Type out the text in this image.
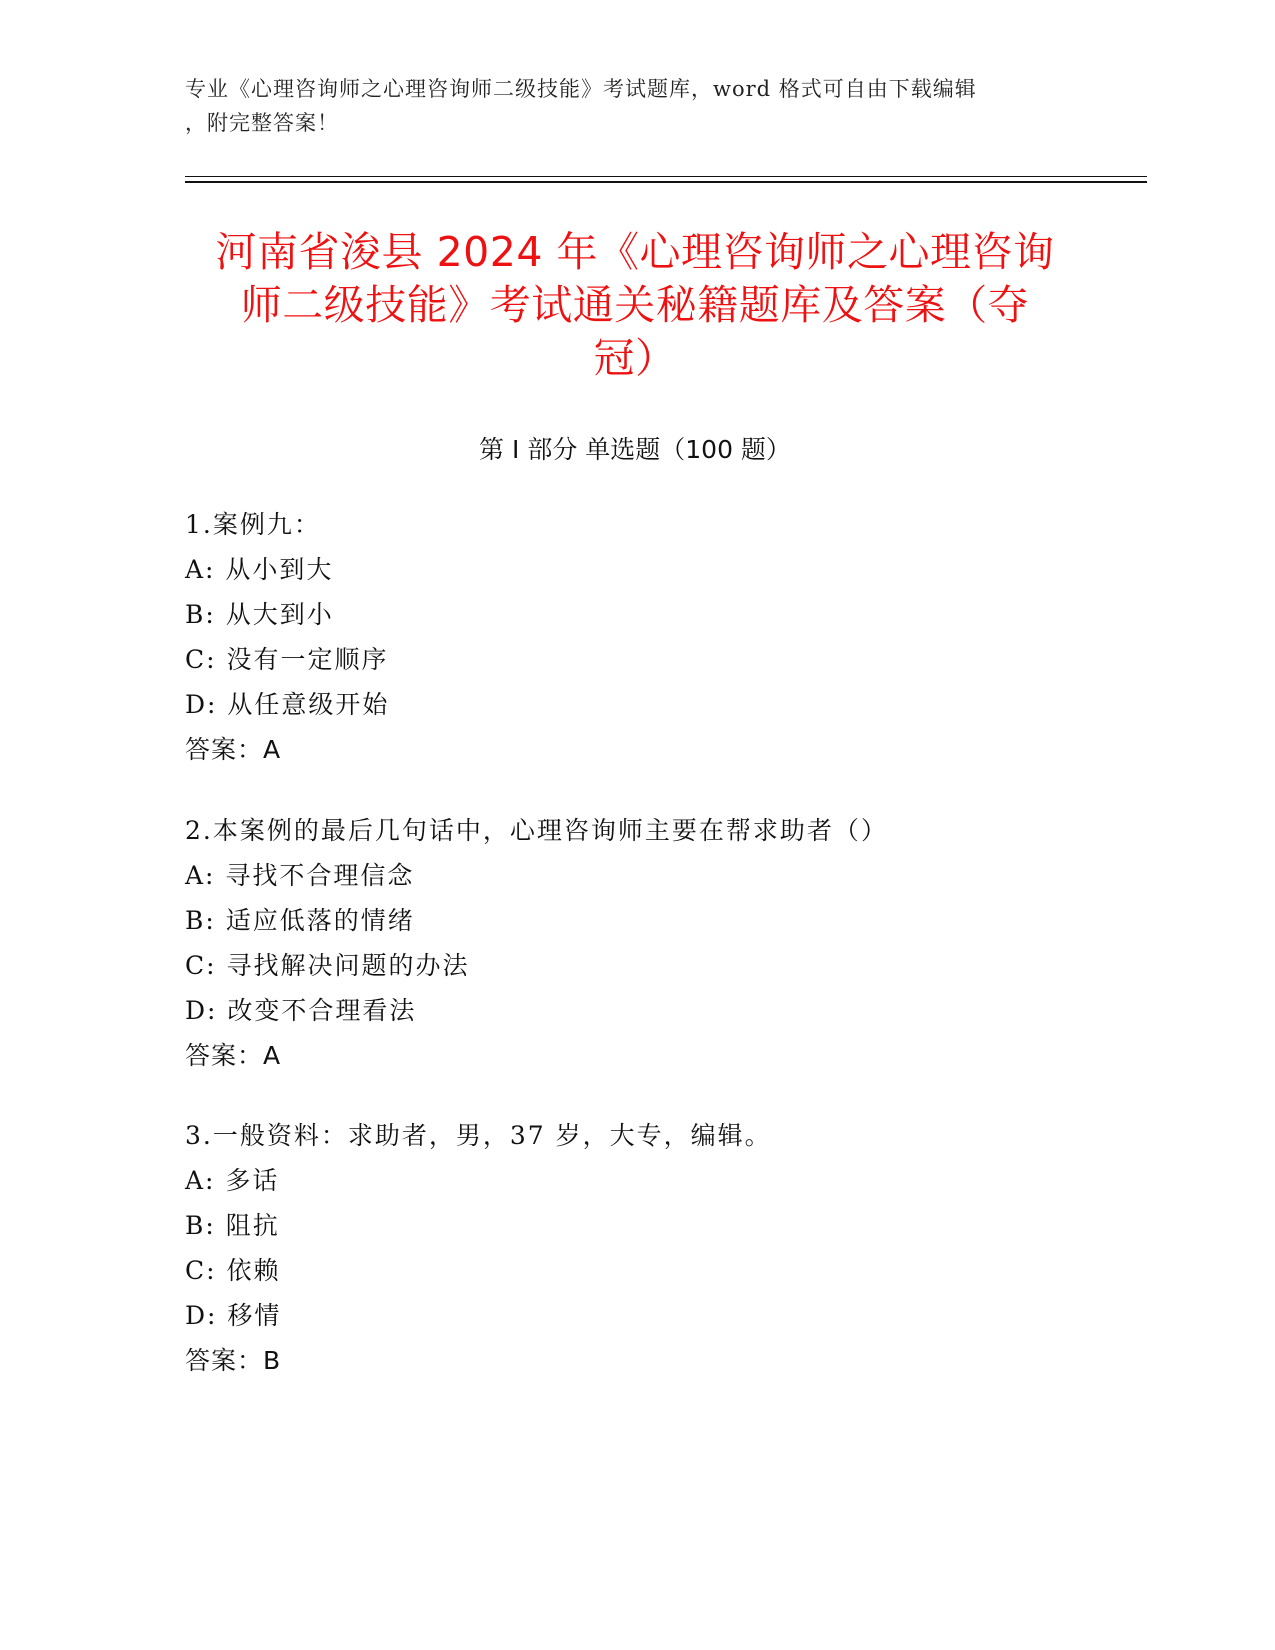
专业《心理咨询师之心理咨询师二级技能》考试题库，word 格式可自由下载编辑
，附完整答案！
河南省浚县 2024 年《心理咨询师之心理咨询
师二级技能》考试通关秘籍题库及答案（夺
冠）
第 I 部分 单选题（100 题）
1.案例九：
A: 从小到大
B: 从大到小
C: 没有一定顺序
D: 从任意级开始
答案：A
2.本案例的最后几句话中，心理咨询师主要在帮求助者（）
A: 寻找不合理信念
B: 适应低落的情绪
C: 寻找解决问题的办法
D: 改变不合理看法
答案：A
3.一般资料：求助者，男，37 岁，大专，编辑。
A: 多话
B: 阻抗
C: 依赖
D: 移情
答案：B
